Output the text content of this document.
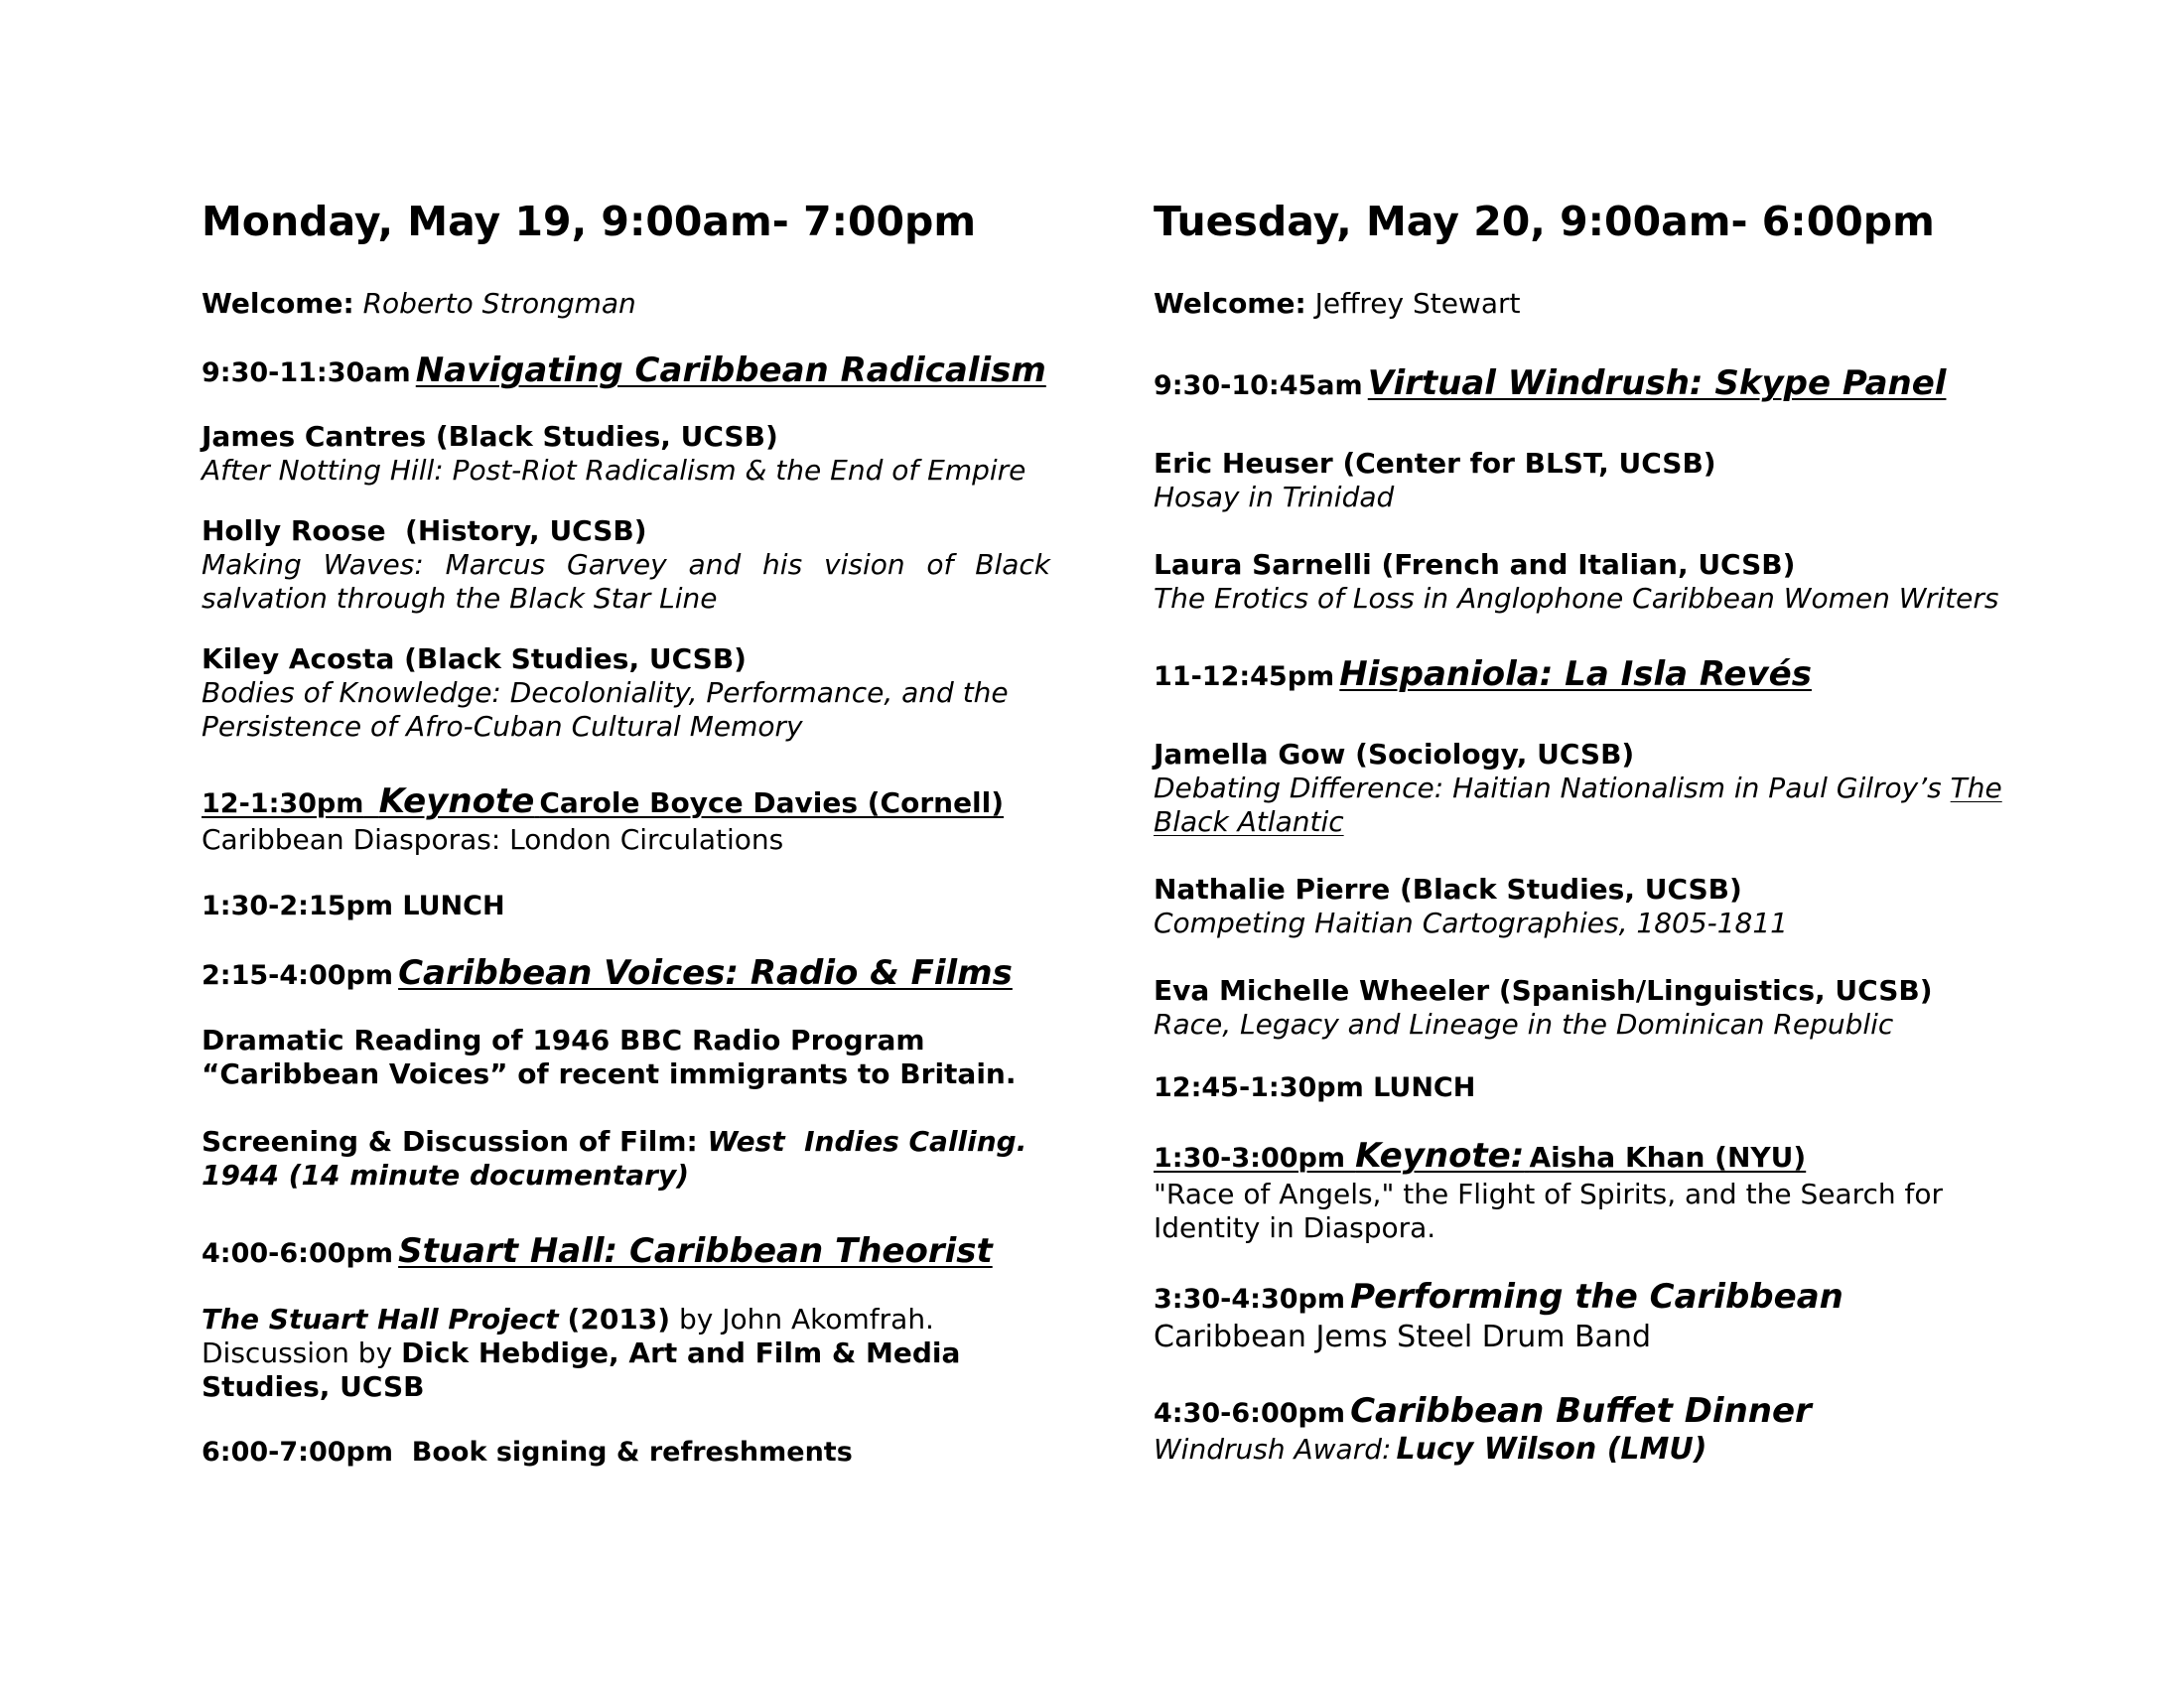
Monday, May 19, 9:00am- 7:00pm
Welcome: Roberto Strongman
9:30-11:30am Navigating Caribbean Radicalism
James Cantres (Black Studies, UCSB)
After Notting Hill: Post-Riot Radicalism & the End of Empire
Holly Roose  (History, UCSB)
Making Waves: Marcus Garvey and his vision of Black
salvation through the Black Star Line
Kiley Acosta (Black Studies, UCSB)
Bodies of Knowledge: Decoloniality, Performance, and the
Persistence of Afro-Cuban Cultural Memory
12-1:30pm Keynote Carole Boyce Davies (Cornell)
Caribbean Diasporas: London Circulations
1:30-2:15pm LUNCH
2:15-4:00pm Caribbean Voices: Radio & Films
Dramatic Reading of 1946 BBC Radio Program
“Caribbean Voices” of recent immigrants to Britain.
Screening & Discussion of Film: West  Indies Calling.
1944 (14 minute documentary)
4:00-6:00pm Stuart Hall: Caribbean Theorist
The Stuart Hall Project (2013) by John Akomfrah.
Discussion by Dick Hebdige, Art and Film & Media
Studies, UCSB
6:00-7:00pm  Book signing & refreshments
Tuesday, May 20, 9:00am- 6:00pm
Welcome: Jeffrey Stewart
9:30-10:45am Virtual Windrush: Skype Panel
Eric Heuser (Center for BLST, UCSB)
Hosay in Trinidad
Laura Sarnelli (French and Italian, UCSB)
The Erotics of Loss in Anglophone Caribbean Women Writers
11-12:45pm Hispaniola: La Isla Revés
Jamella Gow (Sociology, UCSB)
Debating Difference: Haitian Nationalism in Paul Gilroy’s The
Black Atlantic
Nathalie Pierre (Black Studies, UCSB)
Competing Haitian Cartographies, 1805-1811
Eva Michelle Wheeler (Spanish/Linguistics, UCSB)
Race, Legacy and Lineage in the Dominican Republic
12:45-1:30pm LUNCH
1:30-3:00pm Keynote: Aisha Khan (NYU)
"Race of Angels," the Flight of Spirits, and the Search for
Identity in Diaspora.
3:30-4:30pm Performing the Caribbean
Caribbean Jems Steel Drum Band
4:30-6:00pm Caribbean Buffet Dinner
Windrush Award: Lucy Wilson (LMU)
